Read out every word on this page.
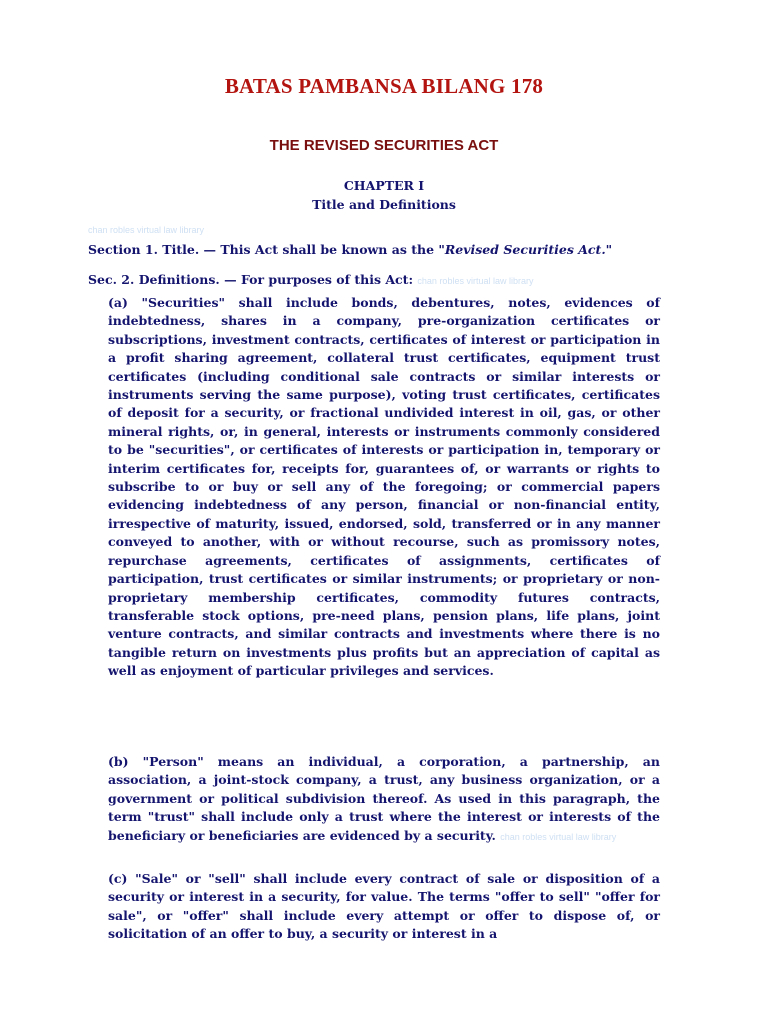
BATAS PAMBANSA BILANG 178
THE REVISED SECURITIES ACT
CHAPTER I
Title and Definitions
chan robles virtual law library
Section 1. Title. — This Act shall be known as the "Revised Securities Act."
Sec. 2. Definitions. — For purposes of this Act: chan robles virtual law library
(a) "Securities" shall include bonds, debentures, notes, evidences of indebtedness, shares in a company, pre-organization certificates or subscriptions, investment contracts, certificates of interest or participation in a profit sharing agreement, collateral trust certificates, equipment trust certificates (including conditional sale contracts or similar interests or instruments serving the same purpose), voting trust certificates, certificates of deposit for a security, or fractional undivided interest in oil, gas, or other mineral rights, or, in general, interests or instruments commonly considered to be "securities", or certificates of interests or participation in, temporary or interim certificates for, receipts for, guarantees of, or warrants or rights to subscribe to or buy or sell any of the foregoing; or commercial papers evidencing indebtedness of any person, financial or non-financial entity, irrespective of maturity, issued, endorsed, sold, transferred or in any manner conveyed to another, with or without recourse, such as promissory notes, repurchase agreements, certificates of assignments, certificates of participation, trust certificates or similar instruments; or proprietary or non-proprietary membership certificates, commodity futures contracts, transferable stock options, pre-need plans, pension plans, life plans, joint venture contracts, and similar contracts and investments where there is no tangible return on investments plus profits but an appreciation of capital as well as enjoyment of particular privileges and services.
(b) "Person" means an individual, a corporation, a partnership, an association, a joint-stock company, a trust, any business organization, or a government or political subdivision thereof. As used in this paragraph, the term "trust" shall include only a trust where the interest or interests of the beneficiary or beneficiaries are evidenced by a security. chan robles virtual law library
(c) "Sale" or "sell" shall include every contract of sale or disposition of a security or interest in a security, for value. The terms "offer to sell" "offer for sale", or "offer" shall include every attempt or offer to dispose of, or solicitation of an offer to buy, a security or interest in a
